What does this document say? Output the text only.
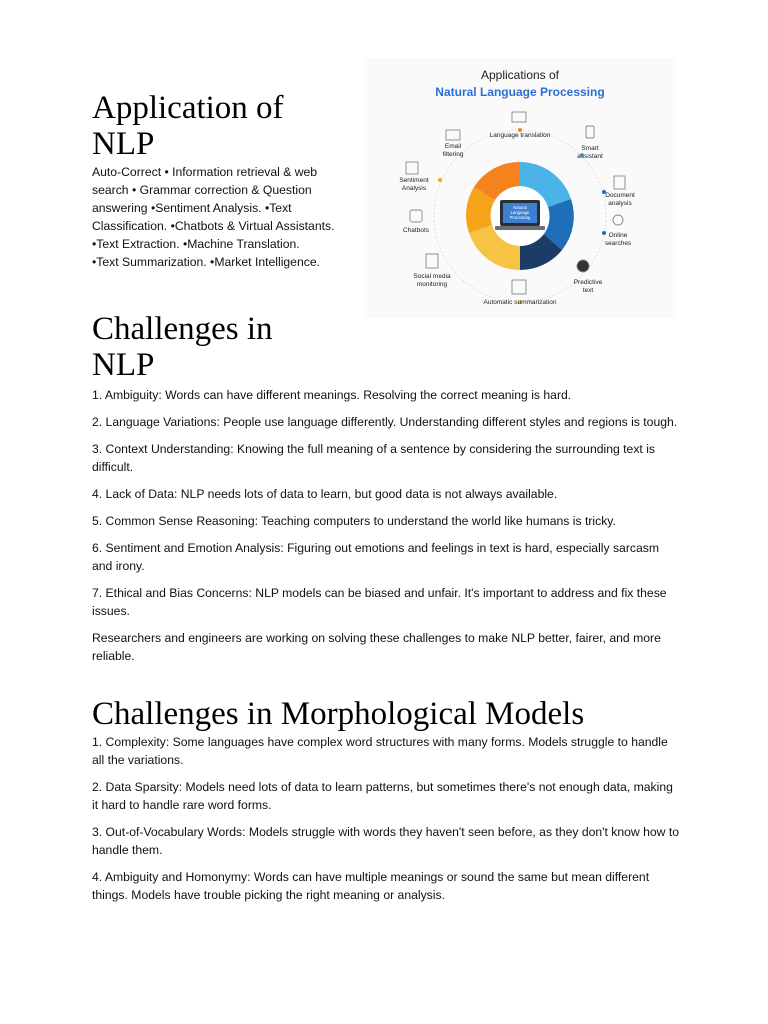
Application of
NLP
Auto-Correct • Information retrieval & web
search • Grammar correction & Question
answering •Sentiment Analysis. •Text
Classification. •Chatbots & Virtual Assistants.
•Text Extraction. •Machine Translation.
•Text Summarization. •Market Intelligence.
Applications of
Natural Language Processing
Natural
Language
Processing
Language translation
Smart
assistant
Document
analysis
Online
searches
Predictive
text
Automatic summarization
Social media
monitoring
Chatbots
Sentiment
Analysis
Email
filtering
Challenges in
NLP

1. Ambiguity: Words can have different meanings. Resolving the correct meaning is hard.

2. Language Variations: People use language differently. Understanding different styles and regions is tough.

3. Context Understanding: Knowing the full meaning of a sentence by considering the surrounding text is difficult.

4. Lack of Data: NLP needs lots of data to learn, but good data is not always available.

5. Common Sense Reasoning: Teaching computers to understand the world like humans is tricky.

6. Sentiment and Emotion Analysis: Figuring out emotions and feelings in text is hard, especially sarcasm and irony.

7. Ethical and Bias Concerns: NLP models can be biased and unfair. It's important to address and fix these issues.

Researchers and engineers are working on solving these challenges to make NLP better, fairer, and more reliable.

Challenges in Morphological Models

1. Complexity: Some languages have complex word structures with many forms. Models struggle to handle all the variations.

2. Data Sparsity: Models need lots of data to learn patterns, but sometimes there's not enough data, making it hard to handle rare word forms.

3. Out-of-Vocabulary Words: Models struggle with words they haven't seen before, as they don't know how to handle them.

4. Ambiguity and Homonymy: Words can have multiple meanings or sound the same but mean different things. Models have trouble picking the right meaning or analysis.
